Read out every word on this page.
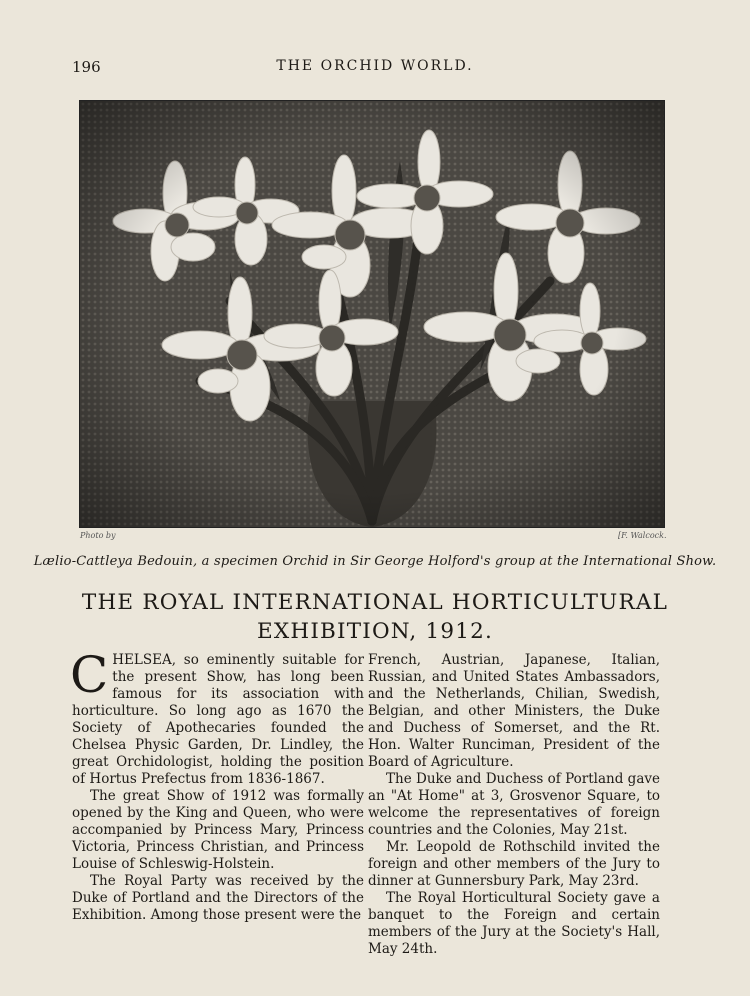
196	THE ORCHID WORLD.
Photo by	[F. Walcock.
Lælio-Cattleya Bedouin, a specimen Orchid in Sir George Holford's group at the International Show.
THE ROYAL INTERNATIONAL HORTICULTURAL
EXHIBITION, 1912.

CHELSEA, so eminently suitable for the present Show, has long been famous for its association with horticulture. So long ago as 1670 the Society of Apothecaries founded the Chelsea Physic Garden, Dr. Lindley, the great Orchidologist, holding the position of Hortus Prefectus from 1836-1867.

The great Show of 1912 was formally opened by the King and Queen, who were accompanied by Princess Mary, Princess Victoria, Princess Christian, and Princess Louise of Schleswig-Holstein.

The Royal Party was received by the Duke of Portland and the Directors of the Exhibition. Among those present were the

French, Austrian, Japanese, Italian, Russian, and United States Ambassadors, and the Netherlands, Chilian, Swedish, Belgian, and other Ministers, the Duke and Duchess of Somerset, and the Rt. Hon. Walter Runciman, President of the Board of Agriculture.

The Duke and Duchess of Portland gave an "At Home" at 3, Grosvenor Square, to welcome the representatives of foreign countries and the Colonies, May 21st.

Mr. Leopold de Rothschild invited the foreign and other members of the Jury to dinner at Gunnersbury Park, May 23rd.

The Royal Horticultural Society gave a banquet to the Foreign and certain members of the Jury at the Society's Hall, May 24th.
